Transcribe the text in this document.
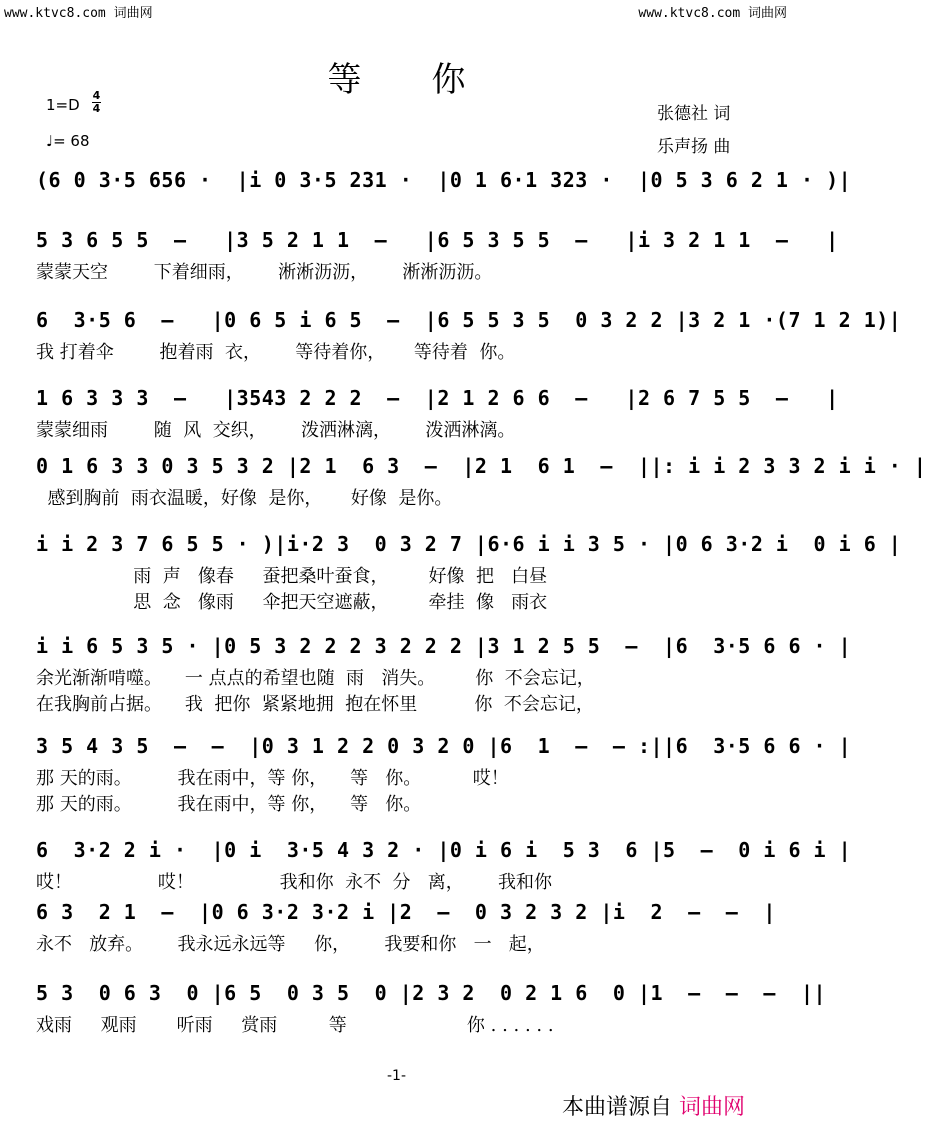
www.ktvc8.com 词曲网	www.ktvc8.com 词曲网
等你
1=D
4
4
♩= 68
张德社 词
乐声扬 曲
(6 0 3·5 656 ·  |i 0 3·5 231 ·  |0 1 6·1 323 ·  |0 5 3 6 2 1 · )|
5 3 6 5 5  –   |3 5 2 1 1  –   |6 5 3 5 5  –   |i 3 2 1 1  –   |
蒙蒙天空        下着细雨，      淅淅沥沥，      淅淅沥沥。
6  3·5 6  –   |0 6 5 i 6 5  –  |6 5 5 3 5  0 3 2 2 |3 2 1 ·(7 1 2 1)|
我 打着伞        抱着雨  衣，      等待着你，     等待着  你。
1 6 3 3 3  –   |3543 2 2 2  –  |2 1 2 6 6  –   |2 6 7 5 5  –   |
蒙蒙细雨        随  风  交织，      泼洒淋漓，      泼洒淋漓。
0 1 6 3 3 0 3 5 3 2 |2 1  6 3  –  |2 1  6 1  –  ||: i i 2 3 3 2 i i · |
感到胸前  雨衣温暖，好像  是你，     好像  是你。
i i 2 3 7 6 5 5 · )|i·2 3  0 3 2 7 |6·6 i i 3 5 · |0 6 3·2 i  0 i 6 |
雨  声   像春     蚕把桑叶蚕食，       好像  把   白昼
思  念   像雨     伞把天空遮蔽，       牵挂  像   雨衣
i i 6 5 3 5 · |0 5 3 2 2 2 3 2 2 2 |3 1 2 5 5  –  |6  3·5 6 6 · |
余光渐渐啃噬。    一 点点的希望也随  雨   消失。       你  不会忘记，
在我胸前占据。    我  把你  紧紧地拥  抱在怀里          你  不会忘记，
3 5 4 3 5  –  –  |0 3 1 2 2 0 3 2 0 |6  1  –  – :||6  3·5 6 6 · |
那 天的雨。        我在雨中，等 你，    等   你。         哎！
那 天的雨。        我在雨中，等 你，    等   你。
6  3·2 2 i ·  |0 i  3·5 4 3 2 · |0 i 6 i  5 3  6 |5  –  0 i 6 i |
哎！               哎！               我和你  永不  分   离，      我和你
6 3  2 1  –  |0 6 3·2 3·2 i |2  –  0 3 2 3 2 |i  2  –  –  |
永不   放弃。      我永远永远等     你，      我要和你   一   起，
5 3  0 6 3  0 |6 5  0 3 5  0 |2 3 2  0 2 1 6  0 |1  –  –  –  ||
戏雨     观雨       听雨     赏雨         等                     你 . . . . . .
-1-
本曲谱源自 词曲网
